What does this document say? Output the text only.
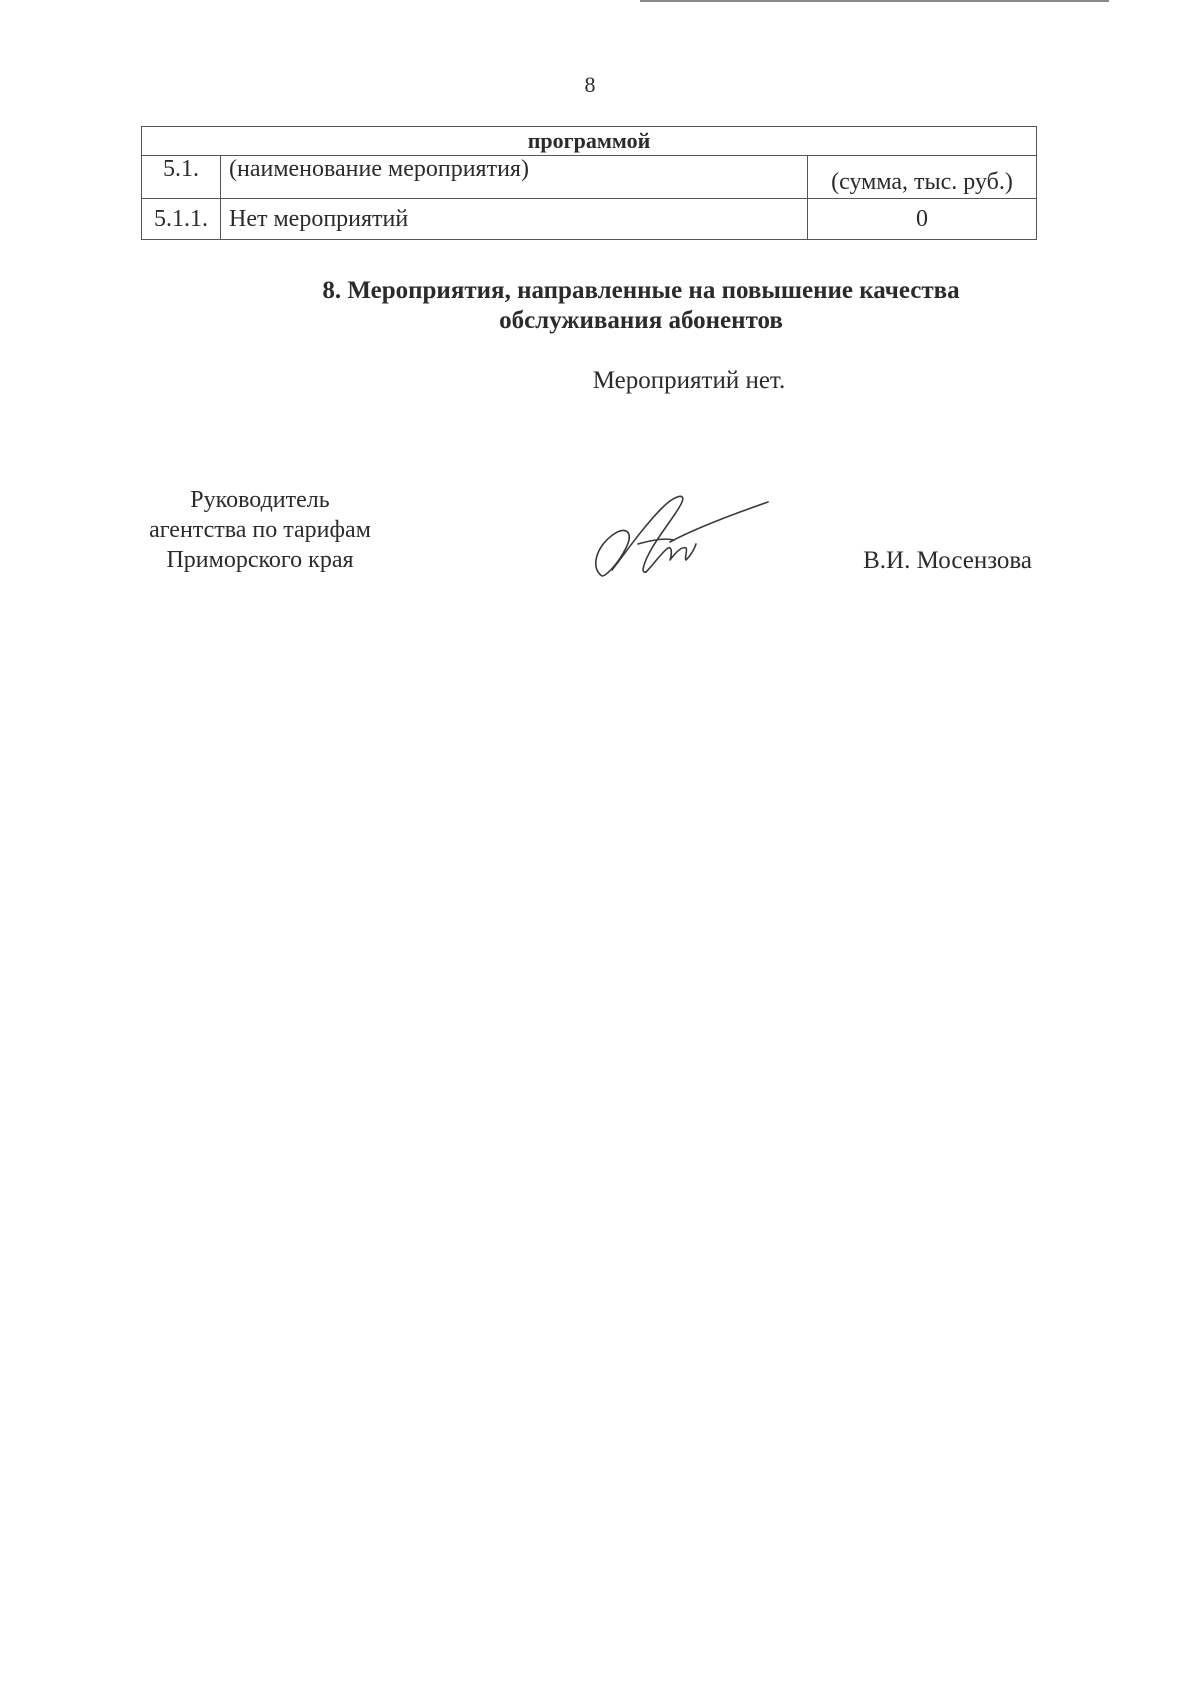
8
программой		
5.1.	(наименование мероприятия)	(сумма, тыс. руб.)
5.1.1.	Нет мероприятий	0
8. Мероприятия, направленные на повышение качества
обслуживания абонентов
Мероприятий нет.
Руководитель
агентства по тарифам
Приморского края	В.И. Мосензова
